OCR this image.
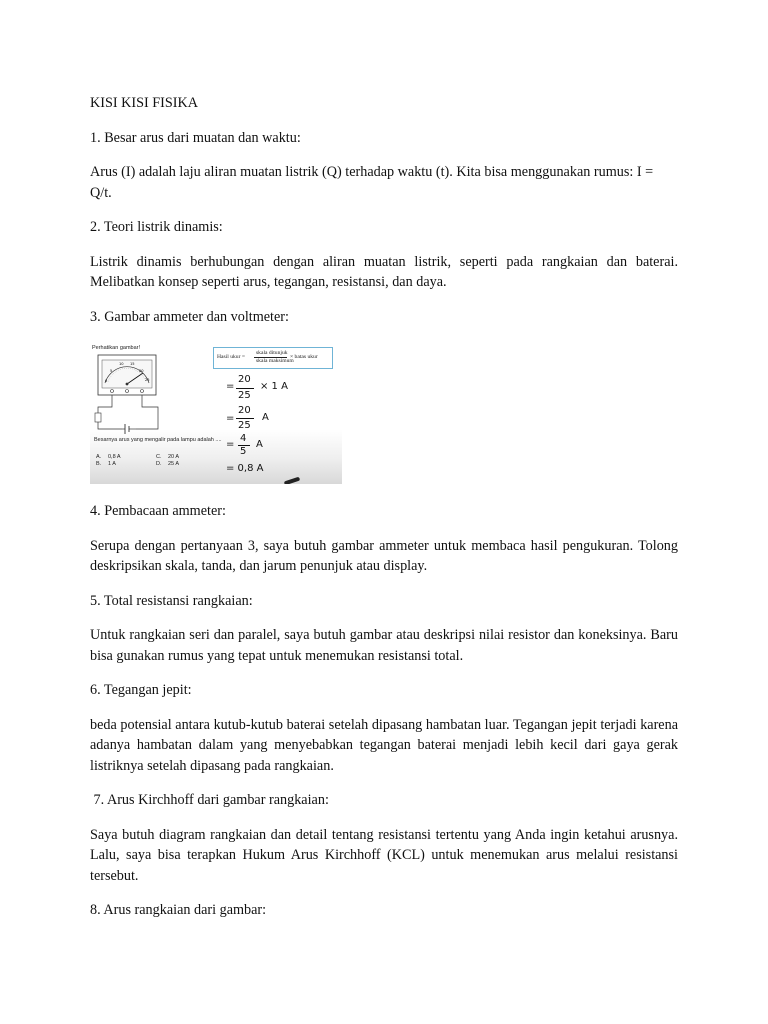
KISI KISI FISIKA

1. Besar arus dari muatan dan waktu:

Arus (I) adalah laju aliran muatan listrik (Q) terhadap waktu (t). Kita bisa menggunakan rumus: I = Q/t.

2. Teori listrik dinamis:

Listrik dinamis berhubungan dengan aliran muatan listrik, seperti pada rangkaian dan baterai. Melibatkan konsep seperti arus, tegangan, resistansi, dan daya.

3. Gambar ammeter dan voltmeter:

Perhatikan gambar!
0
5
10 15
20
25
Hasil ukur =
skala ditunjuk
skala maksimum
× batas ukur
=
20
25
× 1 A
=
20
25
A
=
4
5
A
= 0,8 A
Besarnya arus yang mengalir pada lampu adalah ....
A. 0,8 A
B. 1 A
C. 20 A
D. 25 A

4. Pembacaan ammeter:

Serupa dengan pertanyaan 3, saya butuh gambar ammeter untuk membaca hasil pengukuran. Tolong deskripsikan skala, tanda, dan jarum penunjuk atau display.

5. Total resistansi rangkaian:

Untuk rangkaian seri dan paralel, saya butuh gambar atau deskripsi nilai resistor dan koneksinya. Baru bisa gunakan rumus yang tepat untuk menemukan resistansi total.

6. Tegangan jepit:

beda potensial antara kutub-kutub baterai setelah dipasang hambatan luar. Tegangan jepit terjadi karena adanya hambatan dalam yang menyebabkan tegangan baterai menjadi lebih kecil dari gaya gerak listriknya setelah dipasang pada rangkaian.

7. Arus Kirchhoff dari gambar rangkaian:

Saya butuh diagram rangkaian dan detail tentang resistansi tertentu yang Anda ingin ketahui arusnya. Lalu, saya bisa terapkan Hukum Arus Kirchhoff (KCL) untuk menemukan arus melalui resistansi tersebut.

8. Arus rangkaian dari gambar:
